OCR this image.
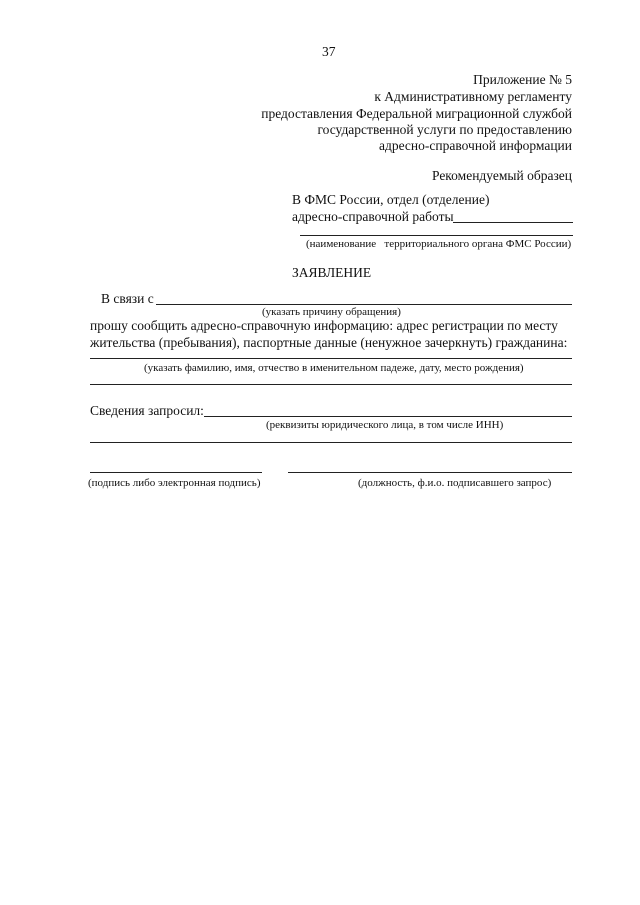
37
Приложение № 5
к Административному регламенту
предоставления Федеральной миграционной службой
государственной услуги по предоставлению
адресно-справочной информации
Рекомендуемый образец
В ФМС России, отдел (отделение)
адресно-справочной работы
(наименование   территориального органа ФМС России)
ЗАЯВЛЕНИЕ
В связи с
(указать причину обращения)
прошу сообщить адресно-справочную информацию: адрес регистрации по месту
жительства (пребывания), паспортные данные (ненужное зачеркнуть) гражданина:
(указать фамилию, имя, отчество в именительном падеже, дату, место рождения)
Сведения запросил:
(реквизиты юридического лица, в том числе ИНН)
(подпись либо электронная подпись)	(должность, ф.и.о. подписавшего запрос)
